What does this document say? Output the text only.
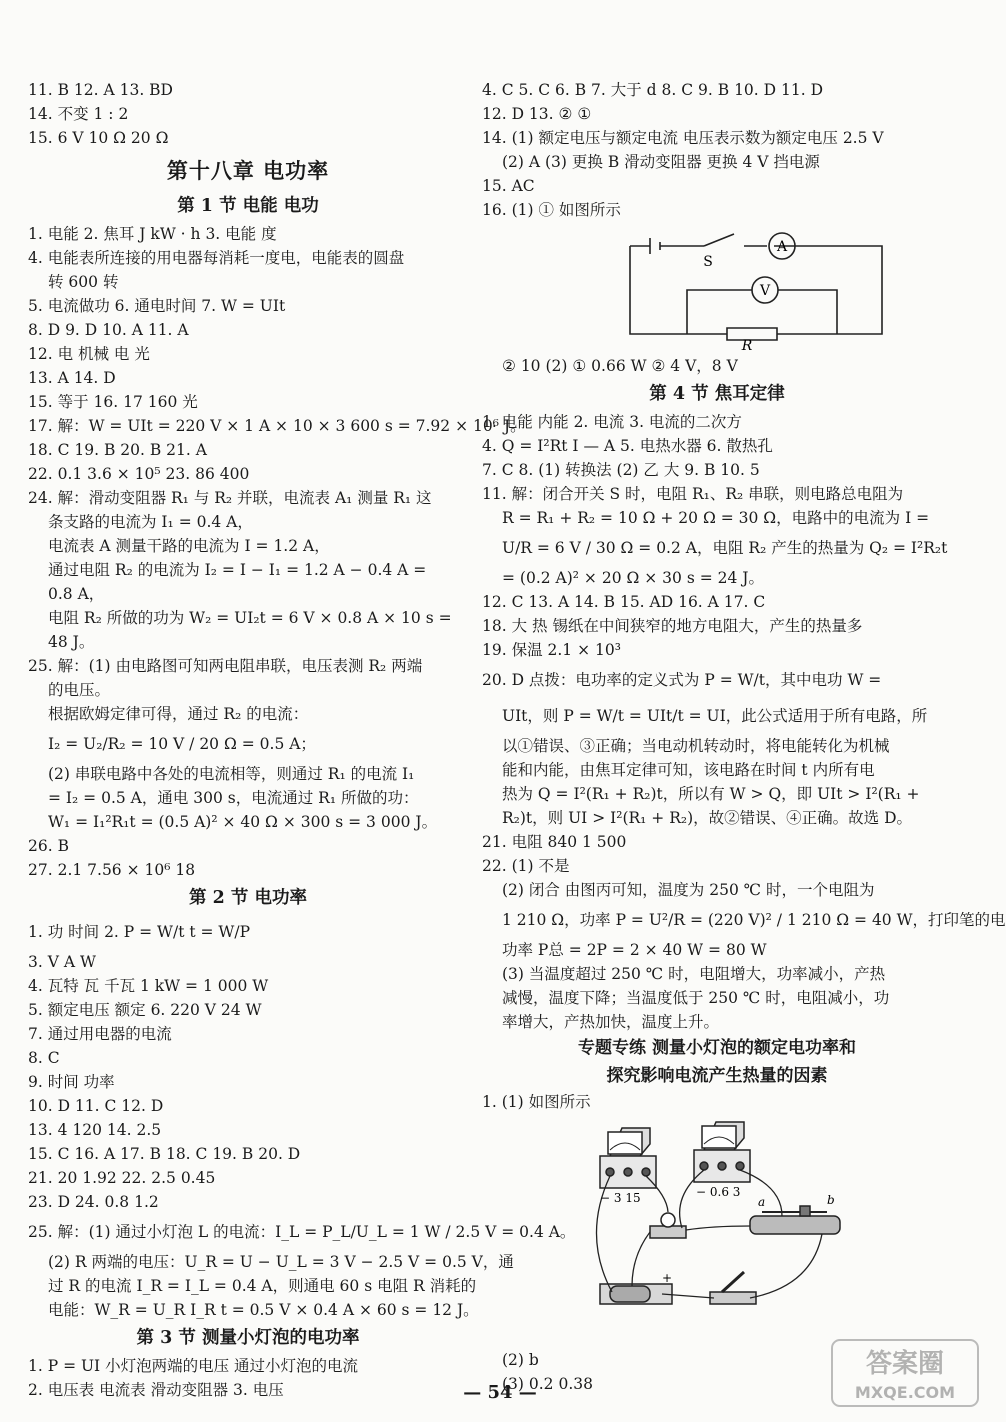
11. B 12. A 13. BD
14. 不变 1 : 2
15. 6 V 10 Ω 20 Ω
第十八章 电功率
第 1 节 电能 电功
1. 电能 2. 焦耳 J kW · h 3. 电能 度
4. 电能表所连接的用电器每消耗一度电，电能表的圆盘
转 600 转
5. 电流做功 6. 通电时间 7. W = UIt
8. D 9. D 10. A 11. A
12. 电 机械 电 光
13. A 14. D
15. 等于 16. 17 160 光
17. 解：W = UIt = 220 V × 1 A × 10 × 3 600 s = 7.92 × 10⁶ J。
18. C 19. B 20. B 21. A
22. 0.1 3.6 × 10⁵ 23. 86 400
24. 解：滑动变阻器 R₁ 与 R₂ 并联，电流表 A₁ 测量 R₁ 这
条支路的电流为 I₁ = 0.4 A，
电流表 A 测量干路的电流为 I = 1.2 A，
通过电阻 R₂ 的电流为 I₂ = I − I₁ = 1.2 A − 0.4 A =
0.8 A，
电阻 R₂ 所做的功为 W₂ = UI₂t = 6 V × 0.8 A × 10 s =
48 J。
25. 解：(1) 由电路图可知两电阻串联，电压表测 R₂ 两端
的电压。
根据欧姆定律可得，通过 R₂ 的电流：
I₂ = U₂/R₂ = 10 V / 20 Ω = 0.5 A；
(2) 串联电路中各处的电流相等，则通过 R₁ 的电流 I₁
= I₂ = 0.5 A，通电 300 s，电流通过 R₁ 所做的功：
W₁ = I₁²R₁t = (0.5 A)² × 40 Ω × 300 s = 3 000 J。
26. B
27. 2.1 7.56 × 10⁶ 18
第 2 节 电功率
1. 功 时间 2. P = W/t t = W/P
3. V A W
4. 瓦特 瓦 千瓦 1 kW = 1 000 W
5. 额定电压 额定 6. 220 V 24 W
7. 通过用电器的电流
8. C
9. 时间 功率
10. D 11. C 12. D
13. 4 120 14. 2.5
15. C 16. A 17. B 18. C 19. B 20. D
21. 20 1.92 22. 2.5 0.45
23. D 24. 0.8 1.2
25. 解：(1) 通过小灯泡 L 的电流：I_L = P_L/U_L = 1 W / 2.5 V = 0.4 A。
(2) R 两端的电压：U_R = U − U_L = 3 V − 2.5 V = 0.5 V，通
过 R 的电流 I_R = I_L = 0.4 A，则通电 60 s 电阻 R 消耗的
电能：W_R = U_R I_R t = 0.5 V × 0.4 A × 60 s = 12 J。
第 3 节 测量小灯泡的电功率
1. P = UI 小灯泡两端的电压 通过小灯泡的电流
2. 电压表 电流表 滑动变阻器 3. 电压
4. C 5. C 6. B 7. 大于 d 8. C 9. B 10. D 11. D
12. D 13. ② ①
14. (1) 额定电压与额定电流 电压表示数为额定电压 2.5 V
(2) A (3) 更换 B 滑动变阻器 更换 4 V 挡电源
15. AC
16. (1) ① 如图所示
S
A
V
R
② 10 (2) ① 0.66 W ② 4 V，8 V
第 4 节 焦耳定律
1. 电能 内能 2. 电流 3. 电流的二次方
4. Q = I²Rt I — A 5. 电热水器 6. 散热孔
7. C 8. (1) 转换法 (2) 乙 大 9. B 10. 5
11. 解：闭合开关 S 时，电阻 R₁、R₂ 串联，则电路总电阻为
R = R₁ + R₂ = 10 Ω + 20 Ω = 30 Ω，电路中的电流为 I =
U/R = 6 V / 30 Ω = 0.2 A，电阻 R₂ 产生的热量为 Q₂ = I²R₂t
= (0.2 A)² × 20 Ω × 30 s = 24 J。
12. C 13. A 14. B 15. AD 16. A 17. C
18. 大 热 锡纸在中间狭窄的地方电阻大，产生的热量多
19. 保温 2.1 × 10³
20. D 点拨：电功率的定义式为 P = W/t，其中电功 W =
UIt，则 P = W/t = UIt/t = UI，此公式适用于所有电路，所
以①错误、③正确；当电动机转动时，将电能转化为机械
能和内能，由焦耳定律可知，该电路在时间 t 内所有电
热为 Q = I²(R₁ + R₂)t，所以有 W > Q，即 UIt > I²(R₁ +
R₂)t，则 UI > I²(R₁ + R₂)，故②错误、④正确。故选 D。
21. 电阻 840 1 500
22. (1) 不是
(2) 闭合 由图丙可知，温度为 250 ℃ 时，一个电阻为
1 210 Ω，功率 P = U²/R = (220 V)² / 1 210 Ω = 40 W，打印笔的电
功率 P总 = 2P = 2 × 40 W = 80 W
(3) 当温度超过 250 ℃ 时，电阻增大，功率减小，产热
减慢，温度下降；当温度低于 250 ℃ 时，电阻减小，功
率增大，产热加快，温度上升。
专题专练 测量小灯泡的额定电功率和
探究影响电流产生热量的因素
1. (1) 如图所示
− 3 15	− 0.6 3
a	b
+
(2) b
(3) 0.2 0.38
— 54 —
答案圈
MXQE.COM
